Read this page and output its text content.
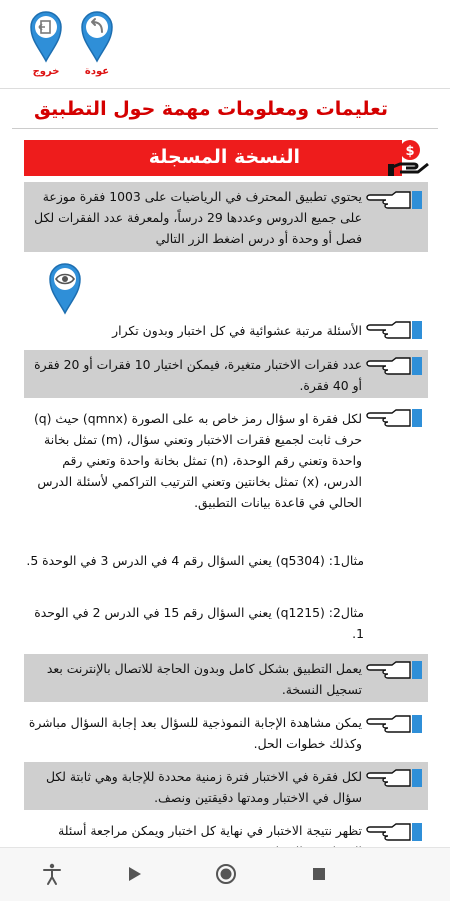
خروج	عودة
تعليمات ومعلومات مهمة حول التطبيق
النسخة المسجلة	$
يحتوي تطبيق المحترف في الرياضيات على 1003 فقرة موزعة على جميع الدروس وعددها 29 درساً، ولمعرفة عدد الفقرات لكل فصل أو وحدة أو درس اضغط الزر التالي
الأسئلة مرتبة عشوائية في كل اختبار وبدون تكرار
عدد فقرات الاختبار متغيرة، فيمكن اختيار 10 فقرات أو 20 فقرة أو 40 فقرة.
لكل فقرة او سؤال رمز خاص به على الصورة (qmnx) حيث (q) حرف ثابت لجميع فقرات الاختبار وتعني سؤال، (m) تمثل بخانة واحدة وتعني رقم الوحدة، (n) تمثل بخانة واحدة وتعني رقم الدرس، (x) تمثل بخانتين وتعني الترتيب التراكمي لأسئلة الدرس الحالي في قاعدة بيانات التطبيق.
مثال1: (q5304) يعني السؤال رقم 4 في الدرس 3 في الوحدة 5.
مثال2: (q1215) يعني السؤال رقم 15 في الدرس 2 في الوحدة 1.
يعمل التطبيق بشكل كامل وبدون الحاجة للاتصال بالإنترنت بعد تسجيل النسخة.
يمكن مشاهدة الإجابة النموذجية للسؤال بعد إجابة السؤال مباشرة وكذلك خطوات الحل.
لكل فقرة في الاختبار فترة زمنية محددة للإجابة وهي ثابتة لكل سؤال في الاختبار ومدتها دقيقتين ونصف.
تظهر نتيجة الاختبار في نهاية كل اختبار ويمكن مراجعة أسئلة
